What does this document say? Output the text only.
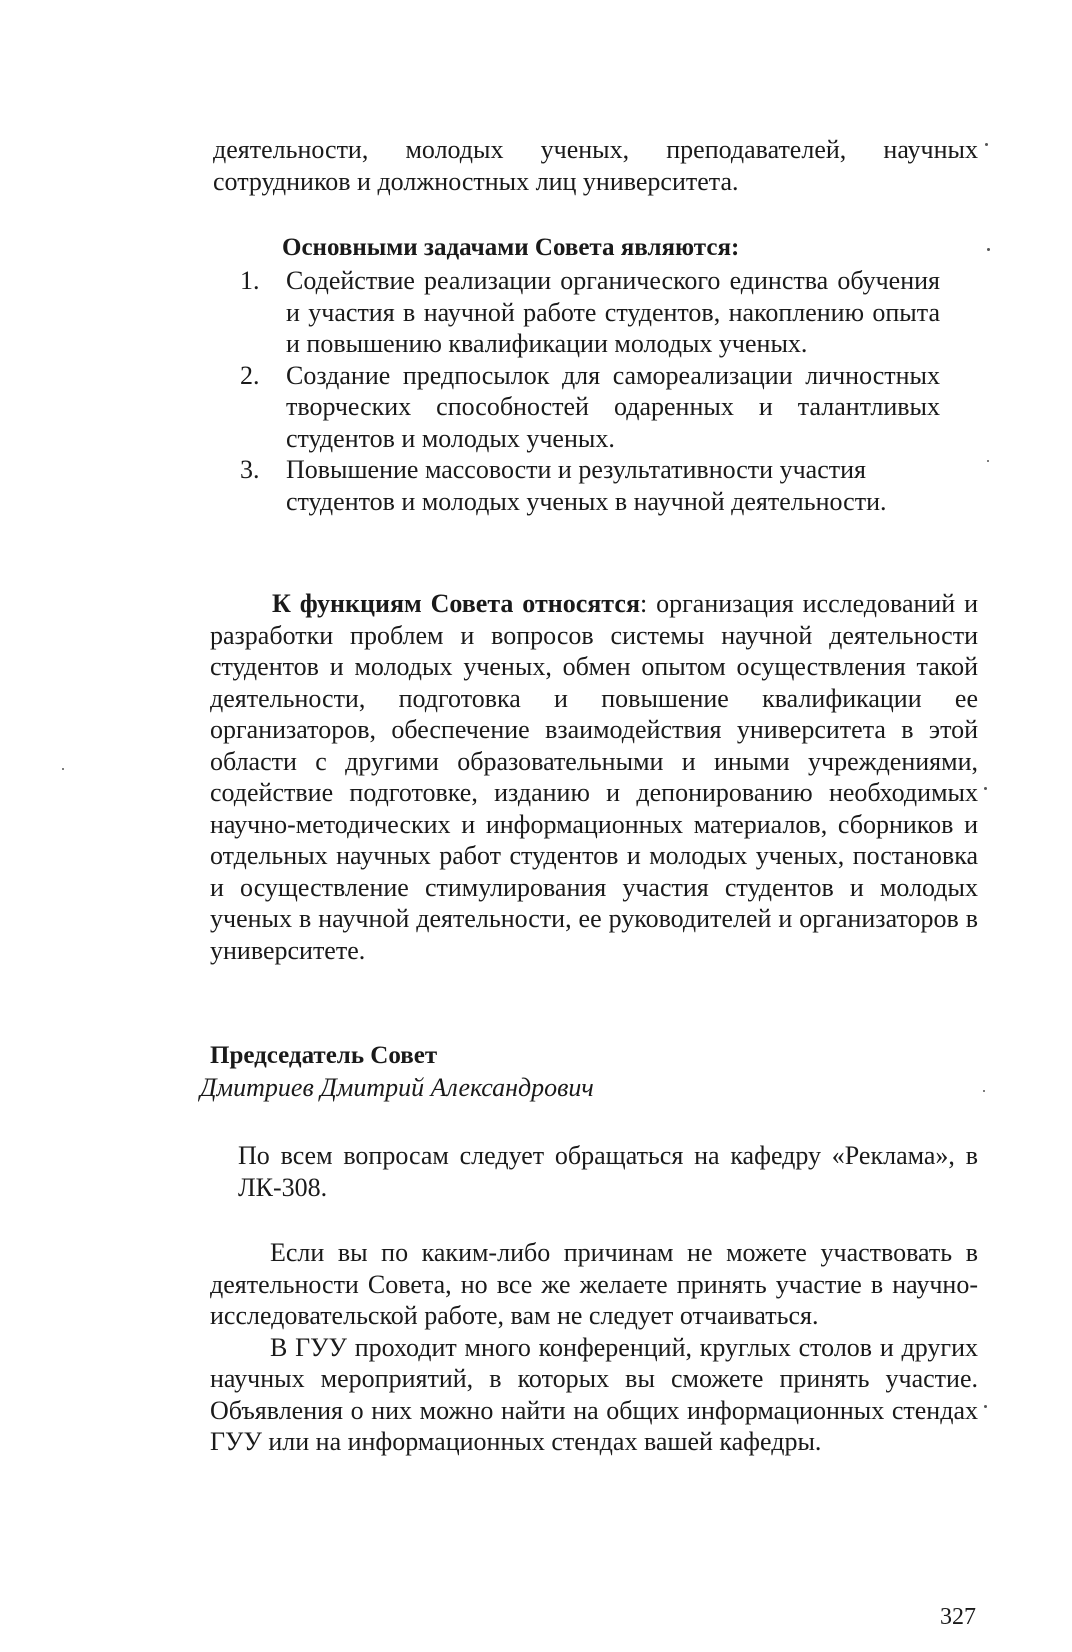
деятельности, молодых ученых, преподавателей, научных сотрудников и должностных лиц университета.

Основными задачами Совета являются:
1. Содействие реализации органического единства обучения и участия в научной работе студентов, накоплению опыта и повышению квалификации молодых ученых.
2. Создание предпосылок для самореализации личностных творческих способностей одаренных и талантливых студентов и молодых ученых.
3. Повышение массовости и результативности участия студентов и молодых ученых в научной деятельности.

К функциям Совета относятся: организация исследований и разработки проблем и вопросов системы научной деятельности студентов и молодых ученых, обмен опытом осуществления такой деятельности, подготовка и повышение квалификации ее организаторов, обеспечение взаимодействия университета в этой области с другими образовательными и иными учреждениями, содействие подготовке, изданию и депонированию необходимых научно-методических и информационных материалов, сборников и отдельных научных работ студентов и молодых ученых, постановка и осуществление стимулирования участия студентов и молодых ученых в научной деятельности, ее руководителей и организаторов в университете.

Председатель Совет
Дмитриев Дмитрий Александрович

По всем вопросам следует обращаться на кафедру «Реклама», в ЛК-308.

Если вы по каким-либо причинам не можете участвовать в деятельности Совета, но все же желаете принять участие в научно-исследовательской работе, вам не следует отчаиваться.

В ГУУ проходит много конференций, круглых столов и других научных мероприятий, в которых вы сможете принять участие. Объявления о них можно найти на общих информационных стендах ГУУ или на информационных стендах вашей кафедры.

327
